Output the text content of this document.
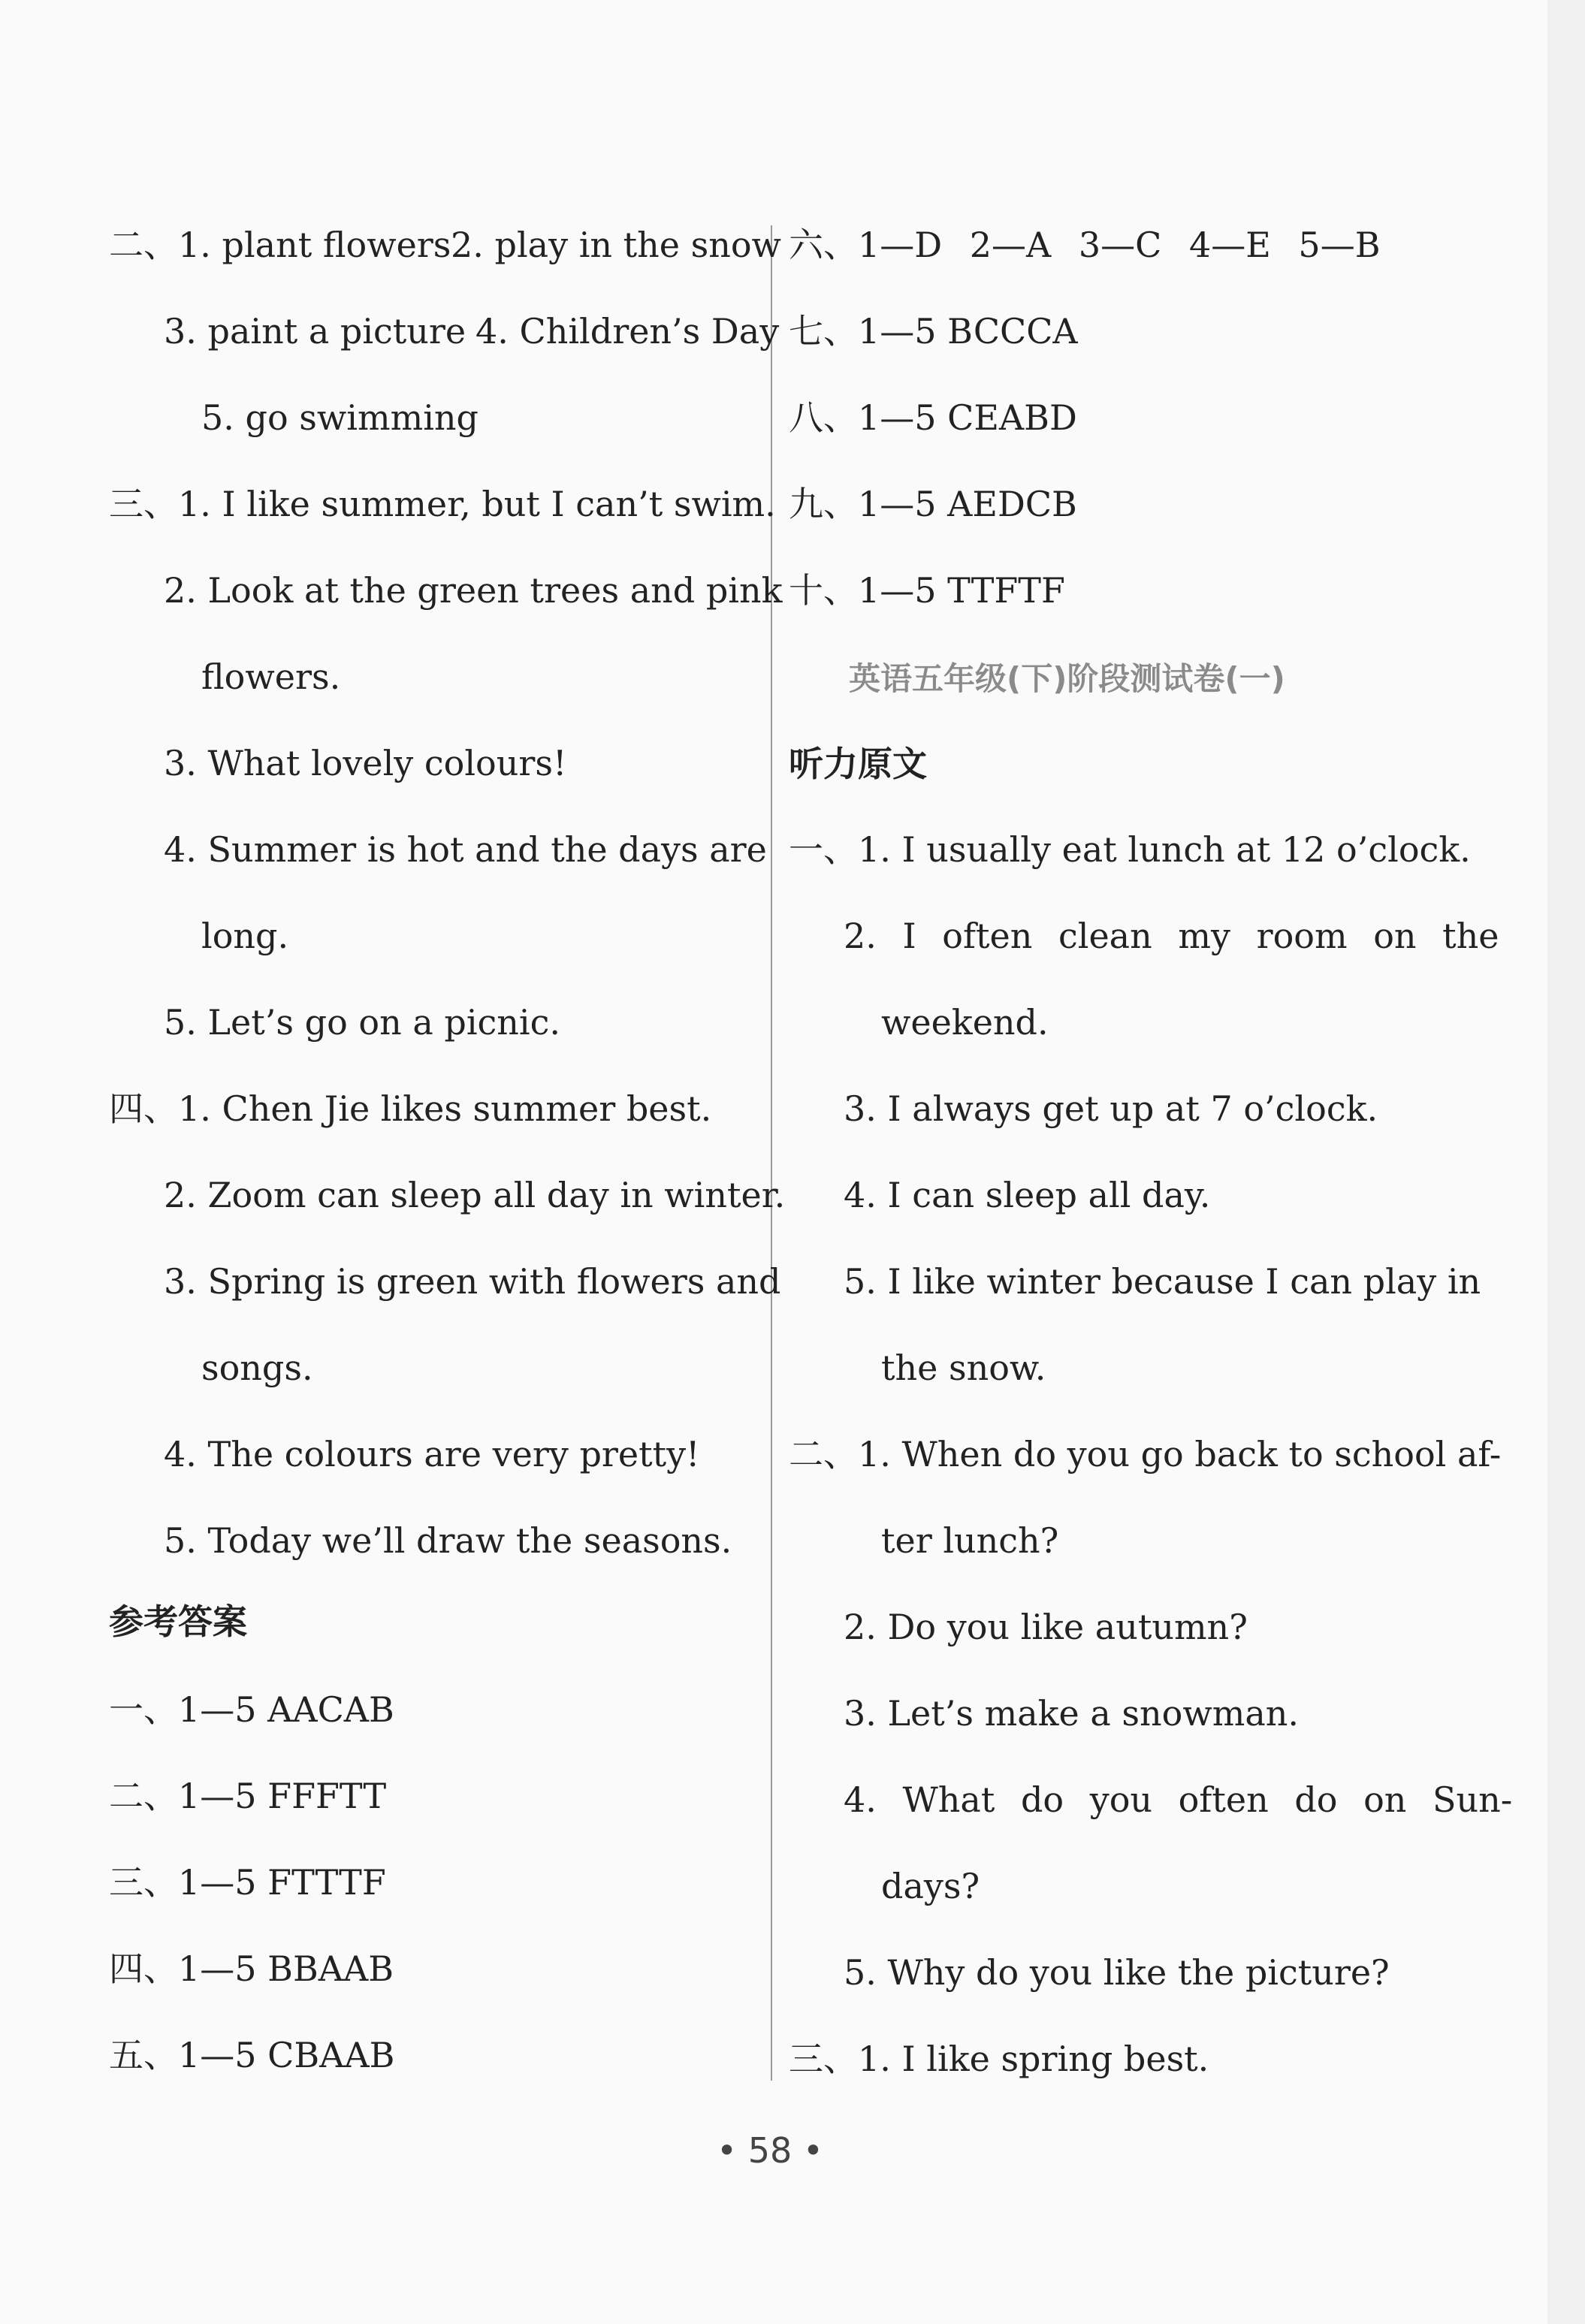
二、1. plant flowers 2. play in the snow
3. paint a picture 4. Children’s Day
5. go swimming
三、1. I like summer, but I can’t swim.
2. Look at the green trees and pink
flowers.
3. What lovely colours!
4. Summer is hot and the days are
long.
5. Let’s go on a picnic.
四、1. Chen Jie likes summer best.
2. Zoom can sleep all day in winter.
3. Spring is green with flowers and
songs.
4. The colours are very pretty!
5. Today we’ll draw the seasons.
参考答案
一、1—5 AACAB
二、1—5 FFFTT
三、1—5 FTTTF
四、1—5 BBAAB
五、1—5 CBAAB
六、1—D 2—A 3—C 4—E 5—B
七、1—5 BCCCA
八、1—5 CEABD
九、1—5 AEDCB
十、1—5 TTFTF
英语五年级(下)阶段测试卷(一)
听力原文
一、1. I usually eat lunch at 12 o’clock.
2. I often clean my room on the
weekend.
3. I always get up at 7 o’clock.
4. I can sleep all day.
5. I like winter because I can play in
the snow.
二、1. When do you go back to school af-
ter lunch?
2. Do you like autumn?
3. Let’s make a snowman.
4. What do you often do on Sun-
days?
5. Why do you like the picture?
三、1. I like spring best.
• 58 •
